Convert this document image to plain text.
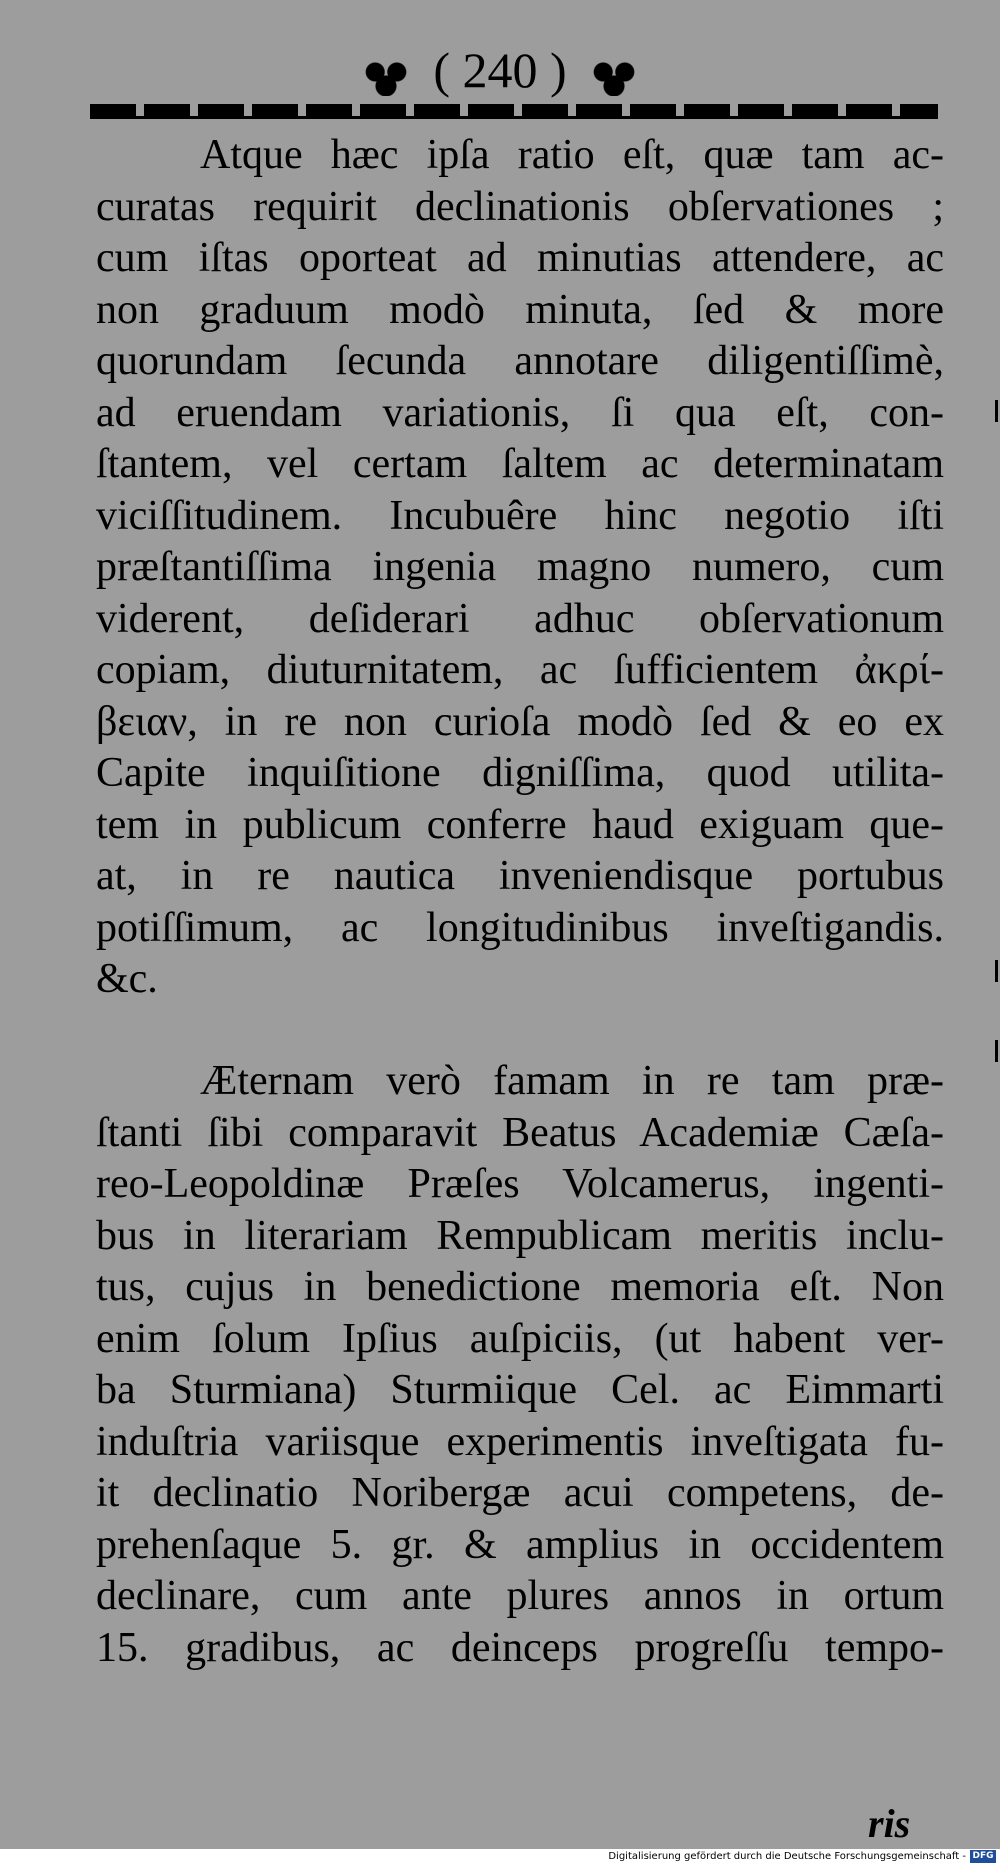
( 240 )
Atque hæc ipſa ratio eſt, quæ tam ac-
curatas requirit declinationis obſervationes ;
cum iſtas oporteat ad minutias attendere, ac
non graduum modò minuta, ſed & more
quorundam ſecunda annotare diligentiſſimè,
ad eruendam variationis, ſi qua eſt, con-
ſtantem, vel certam ſaltem ac determinatam
viciſſitudinem. Incubuêre hinc negotio iſti
præſtantiſſima ingenia magno numero, cum
viderent, deſiderari adhuc obſervationum
copiam, diuturnitatem, ac ſufficientem ἀκρί-
βειαν, in re non curioſa modò ſed & eo ex
Capite inquiſitione digniſſima, quod utilita-
tem in publicum conferre haud exiguam que-
at, in re nautica inveniendisque portubus
potiſſimum, ac longitudinibus inveſtigandis.
&c.
Æternam verò famam in re tam præ-
ſtanti ſibi comparavit Beatus Academiæ Cæſa-
reo-Leopoldinæ Præſes Volcamerus, ingenti-
bus in literariam Rempublicam meritis inclu-
tus, cujus in benedictione memoria eſt. Non
enim ſolum Ipſius auſpiciis, (ut habent ver-
ba Sturmiana) Sturmiique Cel. ac Eimmarti
induſtria variisque experimentis inveſtigata fu-
it declinatio Noribergæ acui competens, de-
prehenſaque 5. gr. & amplius in occidentem
declinare, cum ante plures annos in ortum
15. gradibus, ac deinceps progreſſu tempo-
ris
Digitalisierung gefördert durch die Deutsche Forschungsgemeinschaft - DFG
